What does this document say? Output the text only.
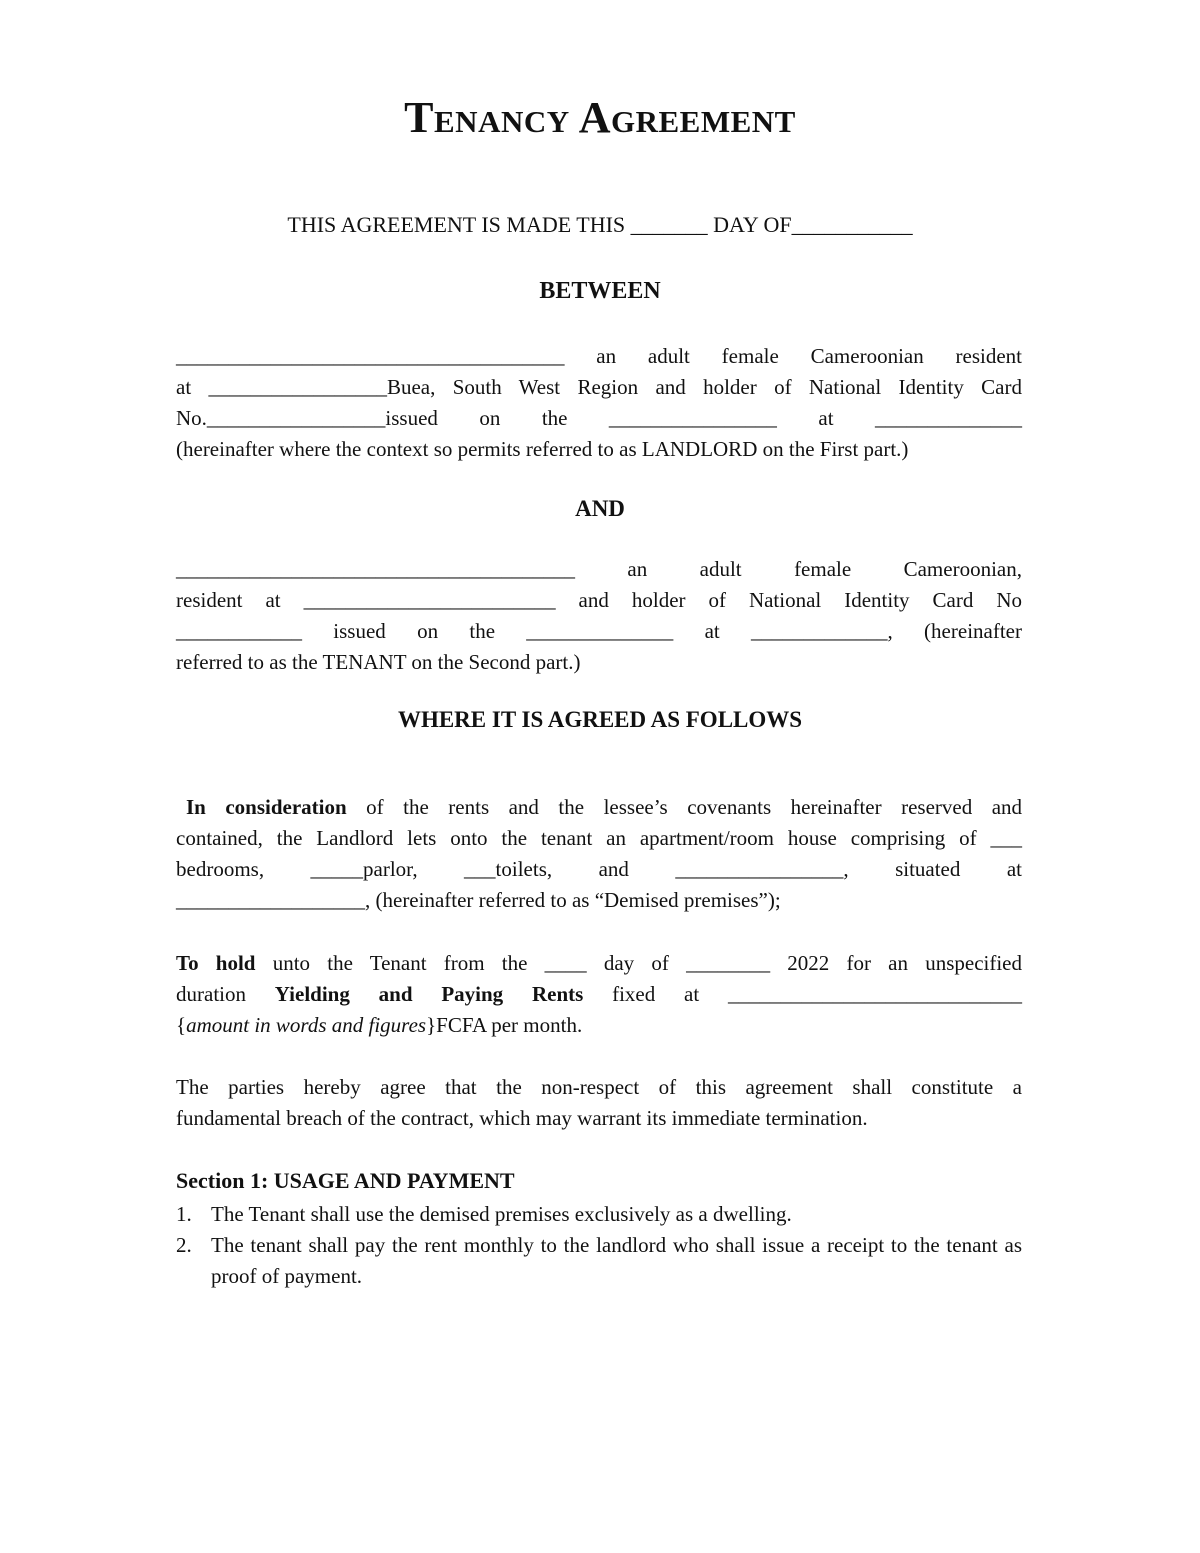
Tenancy Agreement
THIS AGREEMENT IS MADE THIS _______ DAY OF___________
BETWEEN
_____________________________________ an adult female Cameroonian resident
at _________________Buea, South West Region and holder of National Identity Card
No._________________issued on the ________________ at ______________
(hereinafter where the context so permits referred to as LANDLORD on the First part.)
AND
______________________________________ an adult female Cameroonian,
resident at ________________________ and holder of National Identity Card No
____________ issued on the ______________ at _____________, (hereinafter
referred to as the TENANT on the Second part.)
WHERE IT IS AGREED AS FOLLOWS
In consideration of the rents and the lessee’s covenants hereinafter reserved and
contained, the Landlord lets onto the tenant an apartment/room house comprising of ___
bedrooms, _____parlor, ___toilets, and ________________, situated at
__________________, (hereinafter referred to as “Demised premises”);
To hold unto the Tenant from the ____ day of ________ 2022 for an unspecified
duration Yielding and Paying Rents fixed at ____________________________
{amount in words and figures}FCFA per month.
The parties hereby agree that the non-respect of this agreement shall constitute a
fundamental breach of the contract, which may warrant its immediate termination.
Section 1: USAGE AND PAYMENT
1. The Tenant shall use the demised premises exclusively as a dwelling.
2. The tenant shall pay the rent monthly to the landlord who shall issue a receipt to the tenant as proof of payment.
